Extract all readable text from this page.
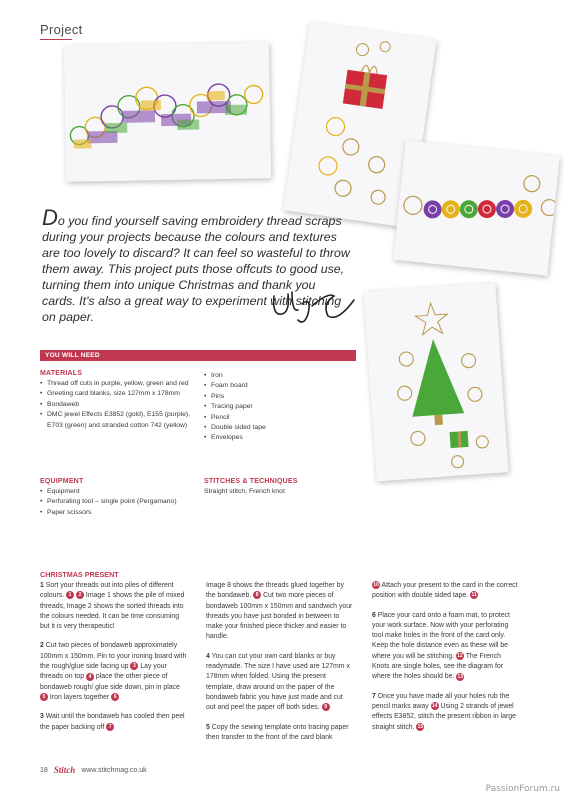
Project
Do you find yourself saving embroidery thread scraps during your projects because the colours and textures are too lovely to discard? It can feel so wasteful to throw them away. This project puts those offcuts to good use, turning them into unique Christmas and thank you cards. It's also a great way to experiment with stitching on paper.
YOU WILL NEED
MATERIALS
• Thread off cuts in purple, yellow, green and red
• Greeting card blanks, size 127mm x 178mm
• Bondaweb
• DMC jewel Effects E3852 (gold), E155 (purple), E703 (green) and stranded cotton 742 (yellow)
• Iron
• Foam board
• Pins
• Tracing paper
• Pencil
• Double sided tape
• Envelopes
EQUIPMENT
• Equipment
• Perforating tool – single point (Pergamano)
• Paper scissors
STITCHES & TECHNIQUES
Straight stitch, French knot
CHRISTMAS PRESENT

1 Sort your threads out into piles of different colours. 1 2 Image 1 shows the pile of mixed threads, Image 2 shows the sorted threads into the colours needed. It can be time consuming but it is very therapeutic!

2 Cut two pieces of bondaweb approximately 100mm x 150mm. Pin to your ironing board with the rough/glue side facing up 3 Lay your threads on top 4 place the other piece of bondaweb rough/ glue side down, pin in place 5 Iron layers together 6

3 Wait until the bondaweb has cooled then peel the paper backing off 7

Image 8 shows the threads glued together by the bondaweb. 8 Cut two more pieces of bondaweb 100mm x 150mm and sandwich your threads you have just bonded in between to make your finished piece thicker and easier to handle.

4 You can cut your own card blanks or buy readymade. The size I have used are 127mm x 178mm when folded. Using the present template, draw around on the paper of the bondaweb fabric you have just made and cut out and peel the paper off both sides. 9

5 Copy the sewing template onto tracing paper then transfer to the front of the card blank

10 Attach your present to the card in the correct position with double sided tape. 11

6 Place your card onto a foam mat, to protect your work surface. Now with your perforating tool make holes in the front of the card only. Keep the hole distance even as these will be where you will be stitching. 12 The French Knots are single holes, see the diagram for where the holes should be. 13

7 Once you have made all your holes rub the pencil marks away 14 Using 2 strands of jewel effects E3852, stitch the present ribbon in large straight stitch. 15

18 Stitch www.stitchmag.co.uk
PassionForum.ru
